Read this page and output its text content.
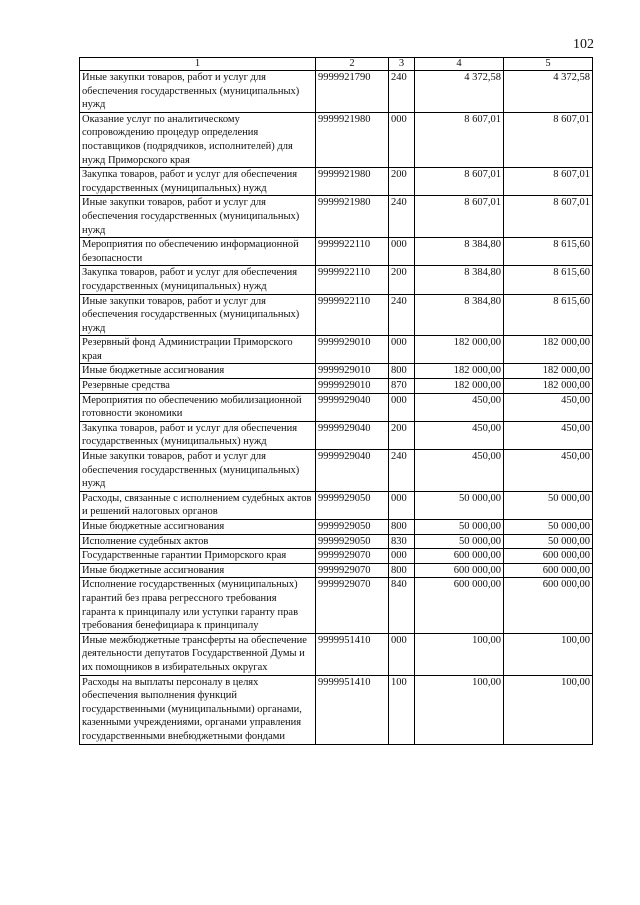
102
1	2	3	4	5
Иные закупки товаров, работ и услуг для обеспечения государственных (муниципальных) нужд	9999921790	240	4 372,58	4 372,58
Оказание услуг по аналитическому сопровождению процедур определения поставщиков (подрядчиков, исполнителей) для нужд Приморского края	9999921980	000	8 607,01	8 607,01
Закупка товаров, работ и услуг для обеспечения государственных (муниципальных) нужд	9999921980	200	8 607,01	8 607,01
Иные закупки товаров, работ и услуг для обеспечения государственных (муниципальных) нужд	9999921980	240	8 607,01	8 607,01
Мероприятия по обеспечению информационной безопасности	9999922110	000	8 384,80	8 615,60
Закупка товаров, работ и услуг для обеспечения государственных (муниципальных) нужд	9999922110	200	8 384,80	8 615,60
Иные закупки товаров, работ и услуг для обеспечения государственных (муниципальных) нужд	9999922110	240	8 384,80	8 615,60
Резервный фонд Администрации Приморского края	9999929010	000	182 000,00	182 000,00
Иные бюджетные ассигнования	9999929010	800	182 000,00	182 000,00
Резервные средства	9999929010	870	182 000,00	182 000,00
Мероприятия по обеспечению мобилизационной готовности экономики	9999929040	000	450,00	450,00
Закупка товаров, работ и услуг для обеспечения государственных (муниципальных) нужд	9999929040	200	450,00	450,00
Иные закупки товаров, работ и услуг для обеспечения государственных (муниципальных) нужд	9999929040	240	450,00	450,00
Расходы, связанные с исполнением судебных актов и решений налоговых органов	9999929050	000	50 000,00	50 000,00
Иные бюджетные ассигнования	9999929050	800	50 000,00	50 000,00
Исполнение судебных актов	9999929050	830	50 000,00	50 000,00
Государственные гарантии Приморского края	9999929070	000	600 000,00	600 000,00
Иные бюджетные ассигнования	9999929070	800	600 000,00	600 000,00
Исполнение государственных (муниципальных) гарантий без права регрессного требования гаранта к принципалу или уступки гаранту прав требования бенефициара к принципалу	9999929070	840	600 000,00	600 000,00
Иные межбюджетные трансферты на обеспечение деятельности депутатов Государственной Думы и их помощников в избирательных округах	9999951410	000	100,00	100,00
Расходы на выплаты персоналу в целях обеспечения выполнения функций государственными (муниципальными) органами, казенными учреждениями, органами управления государственными внебюджетными фондами	9999951410	100	100,00	100,00
